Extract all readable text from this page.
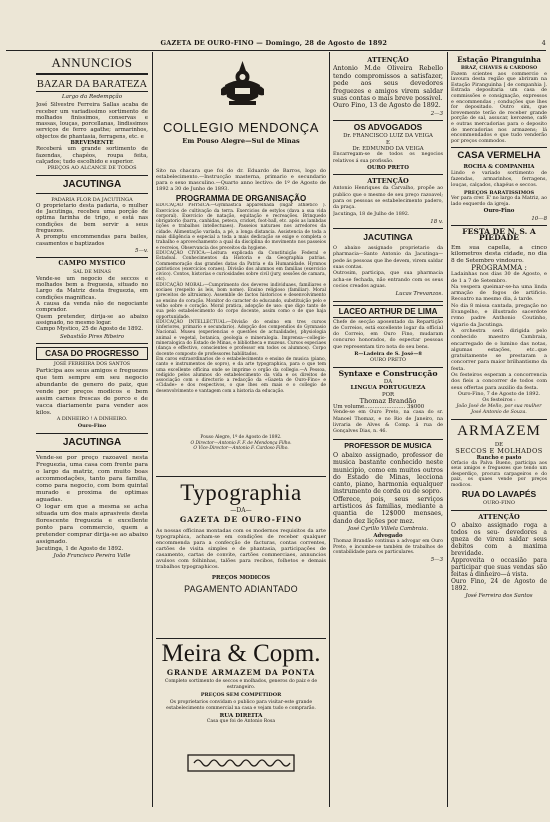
GAZETA DE OURO-FINO — Domingo, 28 de Agosto de 1892	4
ANNUNCIOS
BAZAR DA BARATEZA
Largo da Redempção

José Silvestre Ferreira Sallas acaba de receber um variadissimo sortimento de molhados finissimos, conservas e massas, louças, porcellanas, lindissimos serviços de ferro agathe; armarinhos, objectos de phantasia, ferragens, etc. e

BREVEMENTE

Receberá um grande sortimento de fazendas, chapéos, roupa feita, calçados; tudo escolhido e superior.

PREÇOS AO ALCANCE DE TODOS
JACUTINGA
PADARIA FLOR DA JACUTINGA

O proprietario desta padaria, o mulher de Jacutinga, recebeu uma porção de optima farinha de trigo, e está nas condições de bem servir a seus freguezes.

A promptu encommendas para bailes, casamentos e baptizados

5—v.
CAMPO MYSTICO
SAL DE MINAS

Vende-se um negocio de seccos e molhados bem a freguesia, situado no Largo da Matriz desta freguezia, em condições magnificas.

A causa da venda não de negociante comprador.

Quem pretender, dirija-se ao abaixo assignado, no mesmo logar.

Campo Mystico, 25 de Agosto de 1892.

Sebastião Pires Ribeiro
CASA DO PROGRESSO
JOSÉ FERREIRA DOS SANTOS

Participa aos seus amigos e freguezes que tem sempre em seu negocio abundante de genero do paiz, que vende por preços modicos e bem assim carnes frescas de porco e de vacca diariamente para vender aos kilos.

A DINHEIRO ! A DINHEIRO.
Ouro-Fino
JACUTINGA

Vende-se por preço razoavel nesta Freguezia, uma casa com frente para o largo da matriz, com muito boas accommodações, tanto para familia, como para negocio, com bom quintal murado e proxima de optimas aguadas.

O logar em que a mesma se acha situada um dos mais aprasiveis desta florescente freguezia e excellente ponto para commercio, quem a pretender comprar dirija-se ao abaixo assignado.

Jacutinga, 1 de Agosto de 1892.

João Francisco Pereira Valle
COLLEGIO MENDONÇA
Em Pouso Alegre—Sul de Minas

Sito na chacara que foi do dr. Eduardo de Barros, logo do estabelecimento.—Instrucção masterna, primario e secundario para o sexo masculino.—Quarto anno lectivo: de 1º de Agosto de 1892 a 30 de Junho de 1893.

PROGRAMMA DE ORGANISAÇÃO

EDUCAÇÃO PHYSICA:—Gymnastica apparelhada (lugar athletico ). Exercicios de cultivação da terra. Exercicios de estylos (dava a sua vida corporal). Exercicio de natação, equitação e recreações. Brinquedo obrigatorio (barra, canhidas, peteca, cricket, foot-ball, etc. após as lambdas lições e trabalhos intellectuaes). Passeios naturaes nos arredores da cidade. Alimentação variada, a pé, a longa distancia. Assistencia de toda a mais diligência e especial a toda a mais dedicação se exige e completa o trabalho e aprovechamento a qual da disciplina do movimento nos passeios e recreios. Observancia dos preceitos da hygiene.
EDUCAÇÃO CIVICA:—Leitura explicada da Constituição Federal e Estadoal. Conhecimentos da Historia e da Geographia patrias. Commemoração das grandes datas da Patria e da Humanidade. Hymnos patrioticos (exercicios coraes). Divisão dos alumnos em familias (exercicio civico). Contos, historias e curiosidades sobre civil (jury, sessões de camara, etc).
EDUCAÇÃO MORAL:—Cumprimento dos deveres individuaes, familiares e sociaes (respeito ás leis, bom nome). Ensino religioso (familiar). Moral (preceitos de altruismo). Assemble de factos historicos e desenvolvimento ao ensino do coração. Monitor do caracter do educando, substituição pelo e velho sobre o coração. Moral pratica, adopção de uso: que digo tanto de sua pelo estabelecimento do corpo docente, assim como o de que haja opportunidade.
EDUCAÇÃO INTELLECTUAL:—Divisão do ensino em tres cursos (inferiores, primario e secundario). Adopção dos compendios do Gymnasio Nacional. Museu (experiencias e questões de actualidade), physiologia animal e vegetal, botanica, geologia e mineralogia. Imprensa—collegio-mineralogica do Estado de Minas, e bibliotheca e muzeus. Cursos especiaes (dança e effectivo, conscientes e professor em todos os alumnos). Corpo docente composto de professores habilitados.
Em caros extraordinarios de o estabelecimento e ensino de musica (piano, canto e instrumentos de sopro), e da arte typographica, para o que tem uma excellente officina onde se imprime o orgão da collegio.—A Pessoa, redigido pelos alumnos do estabelecimento da vida e os direitos de associação com o directorio a redacção da «Gazeta de Ouro-Fino» e «Cidade» e dos respectivos, o que lhes em mais e o collegio de desenvolvimento e vantagem com a historia da educação.

Pouso Alegre, 1º de Agosto de 1892.
O Director—Antonio F. F. de Mendonça Filho.
O Vice-Director—Antonio F. Cardoso Filho.
Typographia
—DA—
GAZETA DE OURO-FINO

As nossas officinas montadas com os modernos requisitos da arte typographica, acham-se em condições de receber qualquer encommenda para a confecção de facturas, contas correntes, cartões de visita simples e de phantasia, participações de casamento, cartas de convite, cartões commerciaes, annuncios avulsos com folhinhas, talões para recibos, folhetos e demais trabalhos typographicos.

PREÇOS MODICOS
PAGAMENTO ADIANTADO
Meira & Copm.
GRANDE ARMAZEM DA PONTA
Completo sortimento de seccos e molhados, generos do paiz e de estrangeiro.
PREÇOS SEM COMPETIDOR
Os proprietarios convidam o publico para visitar-este grande estabelecimento commercial na casa e vejam tudo e comprarão.
RUA DIREITA
Casa que foi de Antonio Rosa
ATTENÇÃO

Antonio M.de Oliveira Rebello tendo compromissos a satisfazer, pede aos seus devedores freguezes e amigos virem saldar suas contas o mais breve possivel.

Ouro Fino, 13 de Agosto de 1892.

2—3
OS ADVOGADOS
Dr. FRANCISCO LUIZ DA VEIGA
E
Dr. EDMUNDO DA VEIGA

Encarregam-se de todos os negocios relativos á sua profissão.

OURO PRETO
ATTENÇÃO

Antonio Henriques da Carvalho, propõe ao publico que o mesmo de seu preço razoavel; para os pessoas se estabelecimento padero, da praça.

Jacutinga, 18 de Julho de 1892.

18 v.
JACUTINGA

O abaixo assignado proprietario da pharmacia—Santo Antonio da Jacutinga—pede ás pessoas que lhe devem, virem saldar suas contas.

Outrosim, participa, que sua pharmacia acha-se fechada, não entrando com os seus cocios creados aguas.

Lucas Trevanzos.
LACEO ARTHUR DE LIMA

Chefe de secção aposentado da Repartição de Correios, está excellente logar da official do Correio, em Ouro Fino, mudaram concurso honorados, do espectar pessoas que representam tiro nota do seu bens.

R—Ladeira de S. José—8
OURO PRETO
Syntaxe e Construcção
DA
LINGUA PORTUGUEZA
POR
Thomaz Brandão
Um volume........................ 3$000

Vende-se em Ouro Preto, na casa do sr. Manoel Thomaz, e no Rio de Janeiro, na livraria de Alves & Comp. á rua de Gonçalves Dias, n. 46.

PROFESSOR DE MUSICA

O abaixo assignado, professor de musica bastante conhecido neste municipio, como em muitos outros do Estado de Minas, lecciona canto, piano, harmonia equalquer instrumento de corda ou de sopro.

Offerece, pois, seus serviços artisticos ás familias, mediante a quantia de 12$000 mensaes, dando dez lições por mez.

José Cyrillo Villela Cambraia.
Advogado

Thomaz Brandão continua a advogar em Ouro Preto, e incumbe-se também de trabalhos de contabilidade para os particulares.

5—3
Estação Piranguinha
BRAZ, CHAVES & CARDOSO

Fazem scientes aos commercio e lavoura desta região que abriram na Estação Piranguinha [ de companhia ]. Estrada depositaria um casa de commissões e consignação, expressos e encommendas ; conduções que lhes for depositado. Outro sim, que brevemente terão de receber grande porção de sal, assucar, kerozene, café e outras mercadorias para o deposito de mercadorias nos armazens; lá encommendados e que tudo venderão por preços commodos.

CASA VERMELHA
ROCHA & COMPANHIA

Lindo e variado sortimento de fazendas, armarinhos, ferragens, louças, calçados, chapéus e seccos.

PREÇOS BARATISSIMOS

Ver para crer. E' no largo da Matriz, ao lado esquerdo da igreja.

Ouro-Fino
10—8
FESTA DE N. S. A PIEDADE

Em sua capella, a cinco kilometros desta cidade, no dia 8 de Setembro vindouro.

PROGRAMMA :

Ladainhas nos dias 30 de Agosto, e de 1 a 7 de Setembro.

Na vespera queimar-se-ha uma linda armação de fogos de artificio. Recoatro na mesmo dia, á tarde.

No dia 8 missa cantada, pregação no Evangelho, e illustrado sacerdote rvmo padre Anthonio Coutinho, vigario da Jacutinga.

A orchestra será dirigida pelo conhecido maestro Cambraia, encarregado de o lumino das notas, algumas estações, etc..que gratuitamente se prestaram a concorrer para maior brilhantismo da festa.

Os festeiros esperam a concorrencia dos fieis a concorrer de todos com seus offertas para auxilio da festa.

Ouro-Fino, 7 de Agosto de 1892.
Os festeiros :
João José de Mello, por sua mulher
José Antonio de Souza.
ARMAZEM
DE
SECCOS E MOLHADOS
Rancho e pasto

Orfacio da Palva Bueno, participa aos seus amigos e freguezes que tendo um desperdiço, procura carpageiros e do paiz, os quaes vende por preços modicos.

RUA DO LAVAPÉS
OURO-FINO
ATTENÇÃO

O abaixo assignado roga a todos os seu- devedores a gneza de virem saldar seus debitos com a maxima brevidade.

Approveita o occasião para participar que suas vendas são feitas á dinheiro—á vista.

Ouro Fino, 24 de Agosto de 1892.

José Ferreira dos Santos
